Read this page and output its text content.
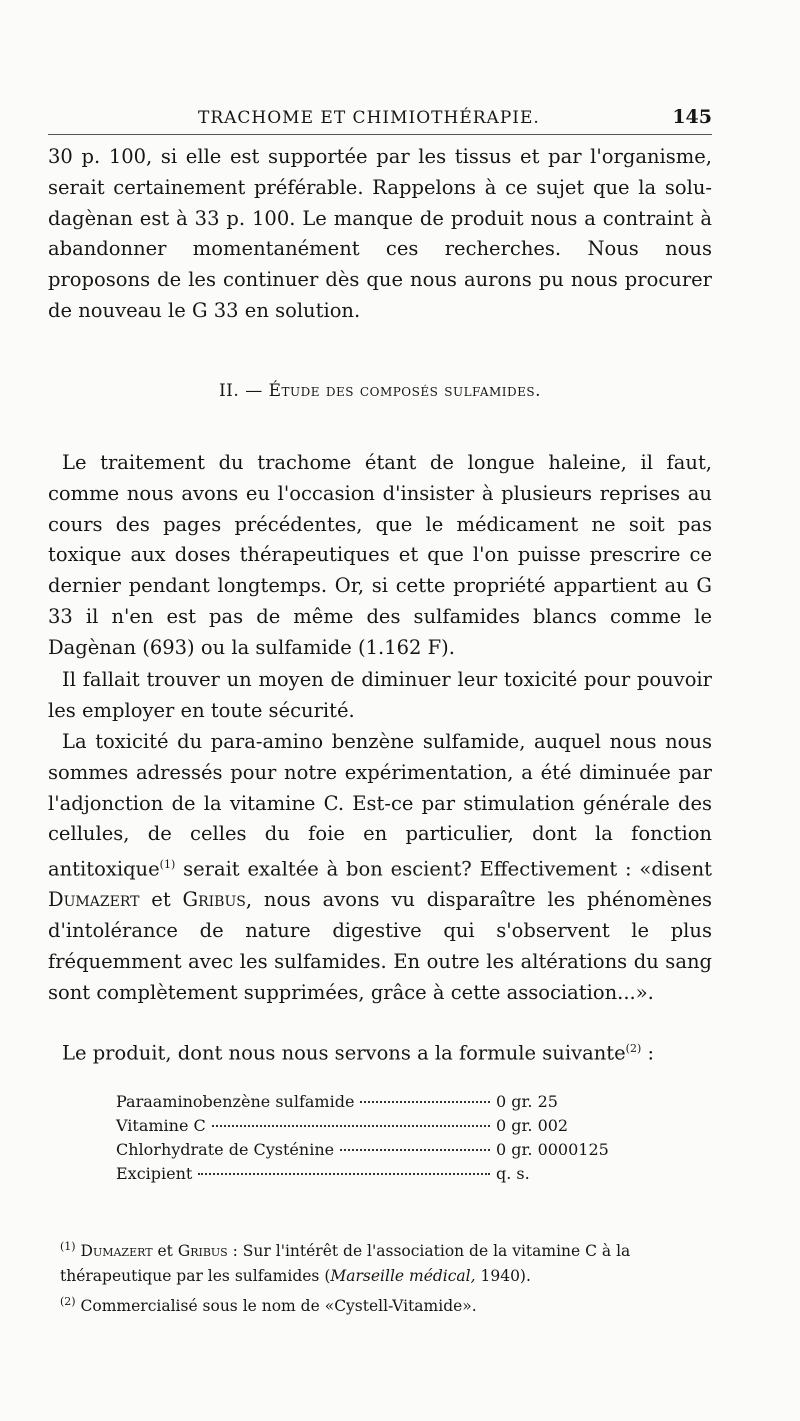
TRACHOME ET CHIMIOTHÉRAPIE.	145

30 p. 100, si elle est supportée par les tissus et par l'organisme, serait certainement préférable. Rappelons à ce sujet que la solu-dagènan est à 33 p. 100. Le manque de produit nous a contraint à abandonner momentanément ces recherches. Nous nous proposons de les continuer dès que nous aurons pu nous procurer de nouveau le G 33 en solution.

II. — Étude des composés sulfamides.

Le traitement du trachome étant de longue haleine, il faut, comme nous avons eu l'occasion d'insister à plusieurs reprises au cours des pages précédentes, que le médicament ne soit pas toxique aux doses thérapeutiques et que l'on puisse prescrire ce dernier pendant longtemps. Or, si cette propriété appartient au G 33 il n'en est pas de même des sulfamides blancs comme le Dagènan (693) ou la sulfamide (1.162 F).

Il fallait trouver un moyen de diminuer leur toxicité pour pouvoir les employer en toute sécurité.

La toxicité du para-amino benzène sulfamide, auquel nous nous sommes adressés pour notre expérimentation, a été diminuée par l'adjonction de la vitamine C. Est-ce par stimulation générale des cellules, de celles du foie en particulier, dont la fonction antitoxique$^{(1)}$ serait exaltée à bon escient? Effectivement : «disent Dumazert et Gribus, nous avons vu disparaître les phénomènes d'intolérance de nature digestive qui s'observent le plus fréquemment avec les sulfamides. En outre les altérations du sang sont complètement supprimées, grâce à cette association...».

Le produit, dont nous nous servons a la formule suivante$^{(2)}$ :

Paraaminobenzène sulfamide	0 gr. 25
Vitamine C	0 gr. 002
Chlorhydrate de Cysténine	0 gr. 0000125
Excipient	q. s.

$^{(1)}$ Dumazert et Gribus : Sur l'intérêt de l'association de la vitamine C à la thérapeutique par les sulfamides (Marseille médical, 1940).

$^{(2)}$ Commercialisé sous le nom de «Cystell-Vitamide».
